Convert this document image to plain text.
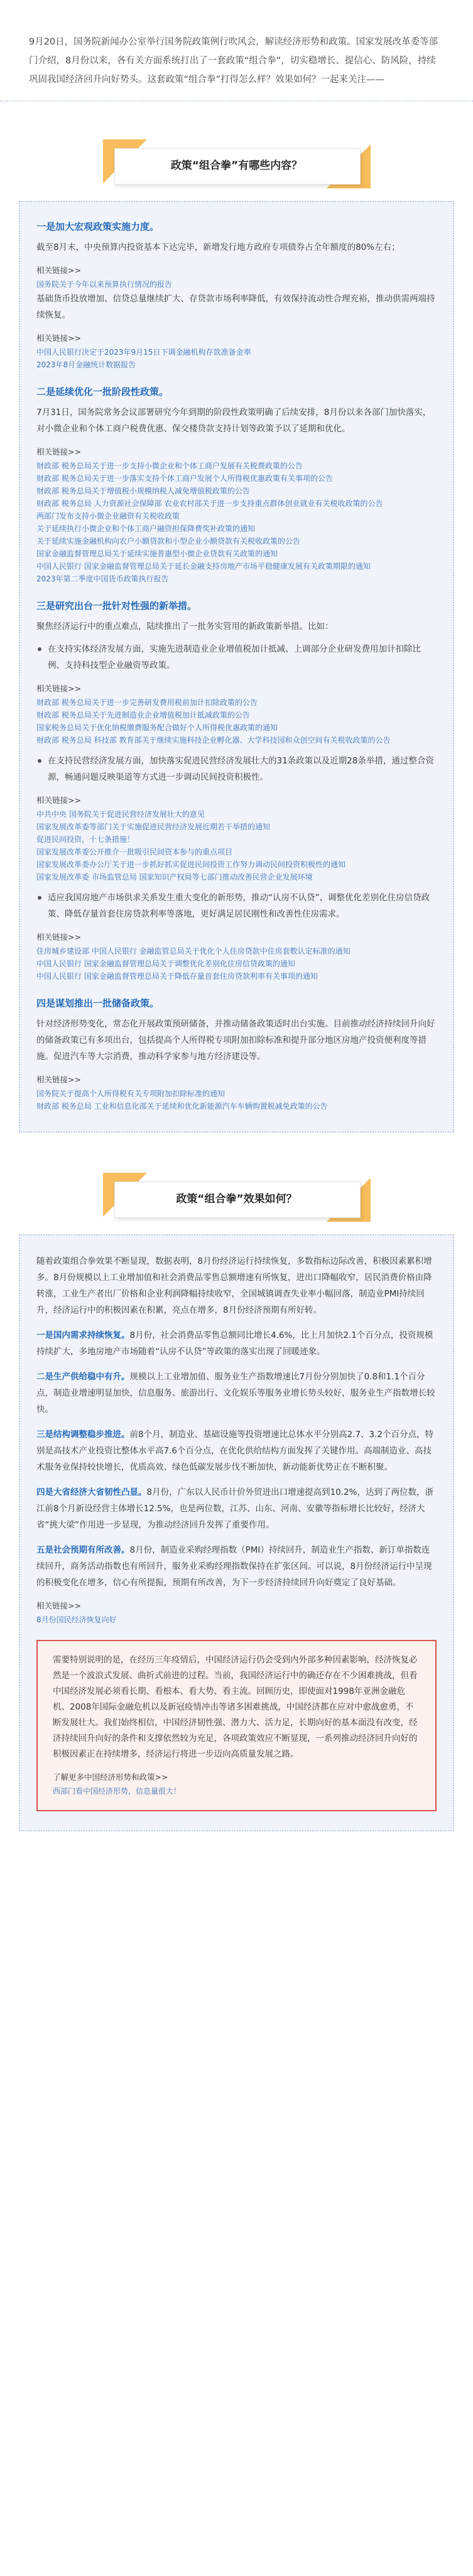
9月20日，国务院新闻办公室举行国务院政策例行吹风会，解读经济形势和政策。国家发展改革委等部门介绍，8月份以来，各有关方面系统打出了一套政策“组合拳”，切实稳增长、提信心、防风险，持续巩固我国经济回升向好势头。这套政策“组合拳”打得怎么样？效果如何？一起来关注——
政策“组合拳”有哪些内容？
一是加大宏观政策实施力度。
截至8月末，中央预算内投资基本下达完毕，新增发行地方政府专项债券占全年额度的80%左右；
相关链接>>
国务院关于今年以来预算执行情况的报告
基础货币投放增加、信贷总量继续扩大、存贷款市场利率降低，有效保持流动性合理充裕，推动供需两端持续恢复。
相关链接>>
中国人民银行决定于2023年9月15日下调金融机构存款准备金率
2023年8月金融统计数据报告
二是延续优化一批阶段性政策。
7月31日，国务院常务会议部署研究今年到期的阶段性政策明确了后续安排，8月份以来各部门加快落实，对小微企业和个体工商户税费优惠、保交楼贷款支持计划等政策予以了延期和优化。
相关链接>>
财政部 税务总局关于进一步支持小微企业和个体工商户发展有关税费政策的公告
财政部 税务总局关于进一步落实支持个体工商户发展个人所得税优惠政策有关事项的公告
财政部 税务总局关于增值税小规模纳税人减免增值税政策的公告
财政部 税务总局 人力资源社会保障部 农业农村部关于进一步支持重点群体创业就业有关税收政策的公告
两部门发布支持小微企业融资有关税收政策
关于延续执行小微企业和个体工商户融资担保降费奖补政策的通知
关于延续实施金融机构向农户小额贷款和小型企业小额贷款有关税收政策的公告
国家金融监督管理总局关于延续实施普惠型小微企业贷款有关政策的通知
中国人民银行 国家金融监督管理总局关于延长金融支持房地产市场平稳健康发展有关政策期限的通知
2023年第二季度中国货币政策执行报告
三是研究出台一批针对性强的新举措。
聚焦经济运行中的重点难点，陆续推出了一批务实管用的新政策新举措。比如：
在支持实体经济发展方面，实施先进制造业企业增值税加计抵减、上调部分企业研发费用加计扣除比例、支持科技型企业融资等政策。
相关链接>>
财政部 税务总局关于进一步完善研发费用税前加计扣除政策的公告
财政部 税务总局关于先进制造业企业增值税加计抵减政策的公告
国家税务总局关于优化纳税缴费服务配合做好个人所得税优惠政策的通知
财政部 税务总局 科技部 教育部关于继续实施科技企业孵化器、大学科技园和众创空间有关税收政策的公告
在支持民营经济发展方面，加快落实促进民营经济发展壮大的31条政策以及近期28条举措，通过整合资源，畅通问题反映渠道等方式进一步调动民间投资积极性。
相关链接>>
中共中央 国务院关于促进民营经济发展壮大的意见
国家发展改革委等部门关于实施促进民营经济发展近期若干举措的通知
促进民间投资，十七条措施！
国家发展改革委公开推介一批吸引民间资本参与的重点项目
国家发展改革委办公厅关于进一步抓好抓实促进民间投资工作努力调动民间投资积极性的通知
国家发展改革委 市场监管总局 国家知识产权局等七部门推动改善民营企业发展环境
适应我国房地产市场供求关系发生重大变化的新形势，推动“认房不认贷”、调整优化差别化住房信贷政策、降低存量首套住房贷款利率等落地，更好满足居民刚性和改善性住房需求。
相关链接>>
住房城乡建设部 中国人民银行 金融监管总局关于优化个人住房贷款中住房套数认定标准的通知
中国人民银行 国家金融监督管理总局关于调整优化差别化住房信贷政策的通知
中国人民银行 国家金融监督管理总局关于降低存量首套住房贷款利率有关事项的通知
四是谋划推出一批储备政策。
针对经济形势变化，常态化开展政策预研储备，并推动储备政策适时出台实施。目前推动经济持续回升向好的储备政策已有多项出台，包括提高个人所得税专项附加扣除标准和提升部分地区房地产投资便利度等措施。促进汽车等大宗消费，推动科学家参与地方经济建设等。
相关链接>>
国务院关于提高个人所得税有关专项附加扣除标准的通知
财政部 税务总局 工业和信息化部关于延续和优化新能源汽车车辆购置税减免政策的公告
政策“组合拳”效果如何？
随着政策组合拳效果不断显现，数据表明，8月份经济运行持续恢复，多数指标边际改善，积极因素累积增多。8月份规模以上工业增加值和社会消费品零售总额增速有所恢复，进出口降幅收窄，居民消费价格由降转涨，工业生产者出厂价格和企业利润降幅持续收窄，全国城镇调查失业率小幅回落，制造业PMI持续回升，经济运行中的积极因素在积累，亮点在增多，8月份经济预期有所好转。
一是国内需求持续恢复。8月份，社会消费品零售总额同比增长4.6%，比上月加快2.1个百分点，投资规模持续扩大，多地房地产市场随着“认房不认贷”等政策的落实出现了回暖迹象。
二是生产供给稳中有升。规模以上工业增加值、服务业生产指数增速比7月份分别加快了0.8和1.1个百分点，制造业增速明显加快，信息服务、旅游出行、文化娱乐等服务业增长势头较好，服务业生产指数增长较快。
三是结构调整稳步推进。前8个月，制造业、基础设施等投资增速比总体水平分别高2.7、3.2个百分点，特别是高技术产业投资比整体水平高7.6个百分点，在优化供给结构方面发挥了关键作用。高端制造业、高技术服务业保持较快增长，优质高效、绿色低碳发展步伐不断加快，新动能新优势正在不断积聚。
四是大省经济大省韧性凸显。8月份，广东以人民币计价外贸进出口增速提高到10.2%，达到了两位数，浙江前8个月新设经营主体增长12.5%，也是两位数，江苏、山东、河南、安徽等指标增长比较好，经济大省“挑大梁”作用进一步显现，为推动经济回升发挥了重要作用。
五是社会预期有所改善。8月份，制造业采购经理指数（PMI）持续回升，制造业生产指数、新订单指数连续回升，商务活动指数也有所回升，服务业采购经理指数保持在扩张区间。可以说，8月份经济运行中呈现的积极变化在增多，信心有所提振，预期有所改善，为下一步经济持续回升向好奠定了良好基础。
相关链接>>
8月份国民经济恢复向好
需要特别说明的是，在经历三年疫情后，中国经济运行仍会受到内外部多种因素影响，经济恢复必然是一个波浪式发展、曲折式前进的过程。当前，我国经济运行中的确还存在不少困难挑战，但看中国经济发展必须看长期、看根本、看大势、看主流。回顾历史，即使面对1998年亚洲金融危机、2008年国际金融危机以及新冠疫情冲击等诸多困难挑战，中国经济都在应对中愈战愈勇，不断发展壮大。我们始终相信，中国经济韧性强、潜力大、活力足，长期向好的基本面没有改变，经济持续回升向好的条件和支撑依然较为充足，各项政策效应不断显现，一系列推动经济回升向好的积极因素正在持续增多，经济运行将进一步迈向高质量发展之路。
了解更多中国经济形势和政策>>
西部门看中国经济形势，信息量很大！
